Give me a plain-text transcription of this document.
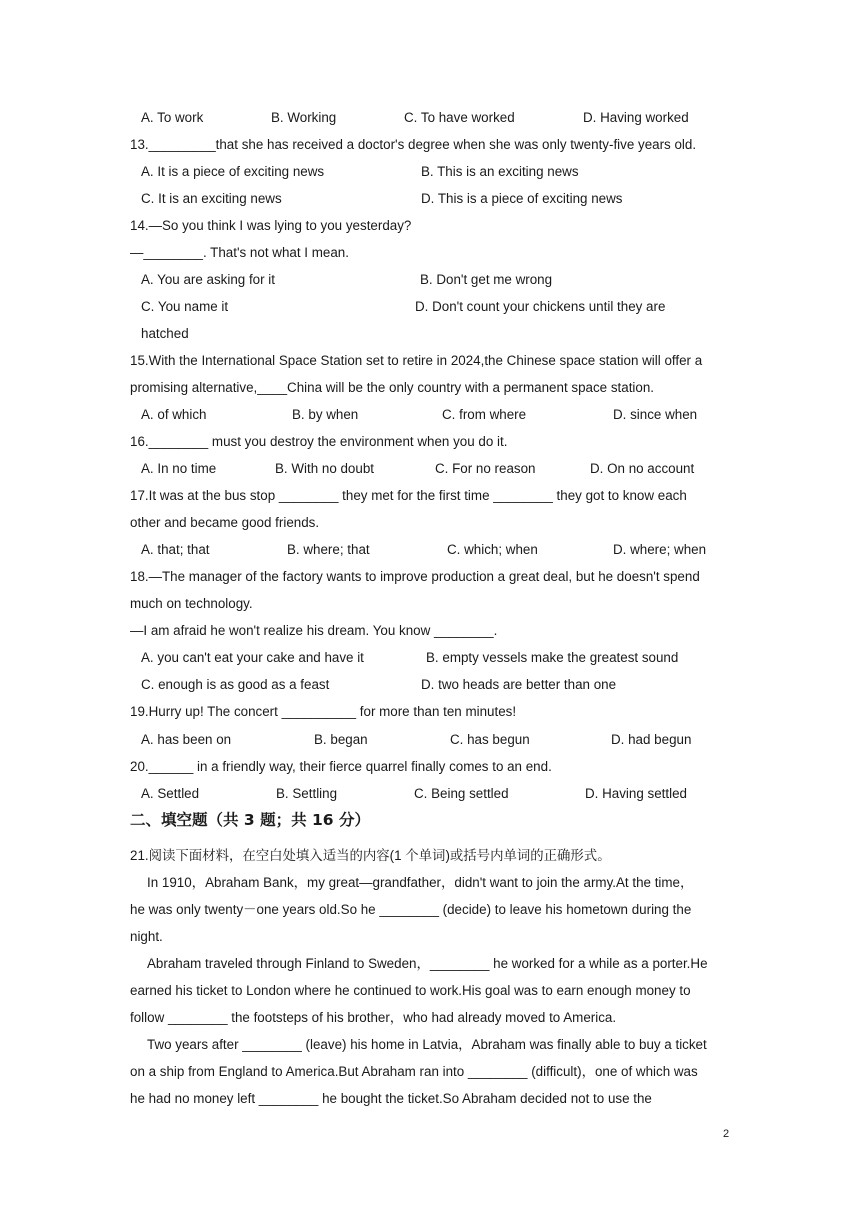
A. To work	B. Working	C. To have worked	D. Having worked
13._________that she has received a doctor's degree when she was only twenty-five years old.
A. It is a piece of exciting news	B. This is an exciting news
C. It is an exciting news	D. This is a piece of exciting news
14.—So you think I was lying to you yesterday?
—________. That's not what I mean.
A. You are asking for it	B. Don't get me wrong
C. You name it	D. Don't count your chickens until they are
hatched
15.With the International Space Station set to retire in 2024,the Chinese space station will offer a
promising alternative,____China will be the only country with a permanent space station.
A. of which	B. by when	C. from where	D. since when
16.________ must you destroy the environment when you do it.
A. In no time	B. With no doubt	C. For no reason	D. On no account
17.It was at the bus stop ________ they met for the first time ________ they got to know each
other and became good friends.
A. that; that	B. where; that	C. which; when	D. where; when
18.—The manager of the factory wants to improve production a great deal, but he doesn't spend
much on technology.
—I am afraid he won't realize his dream. You know ________.
A. you can't eat your cake and have it	B. empty vessels make the greatest sound
C. enough is as good as a feast	D. two heads are better than one
19.Hurry up! The concert __________ for more than ten minutes!
A. has been on	B. began	C. has begun	D. had begun
20.______ in a friendly way, their fierce quarrel finally comes to an end.
A. Settled	B. Settling	C. Being settled	D. Having settled
二、填空题（共 3 题；共 16 分）
21.阅读下面材料，在空白处填入适当的内容(1 个单词)或括号内单词的正确形式。
In 1910，Abraham Bank，my great—grandfather，didn't want to join the army.At the time，
he was only twenty－one years old.So he ________ (decide) to leave his hometown during the
night.
Abraham traveled through Finland to Sweden，________ he worked for a while as a porter.He
earned his ticket to London where he continued to work.His goal was to earn enough money to
follow ________ the footsteps of his brother，who had already moved to America.
Two years after ________ (leave) his home in Latvia，Abraham was finally able to buy a ticket
on a ship from England to America.But Abraham ran into ________ (difficult)，one of which was
he had no money left ________ he bought the ticket.So Abraham decided not to use the
2
